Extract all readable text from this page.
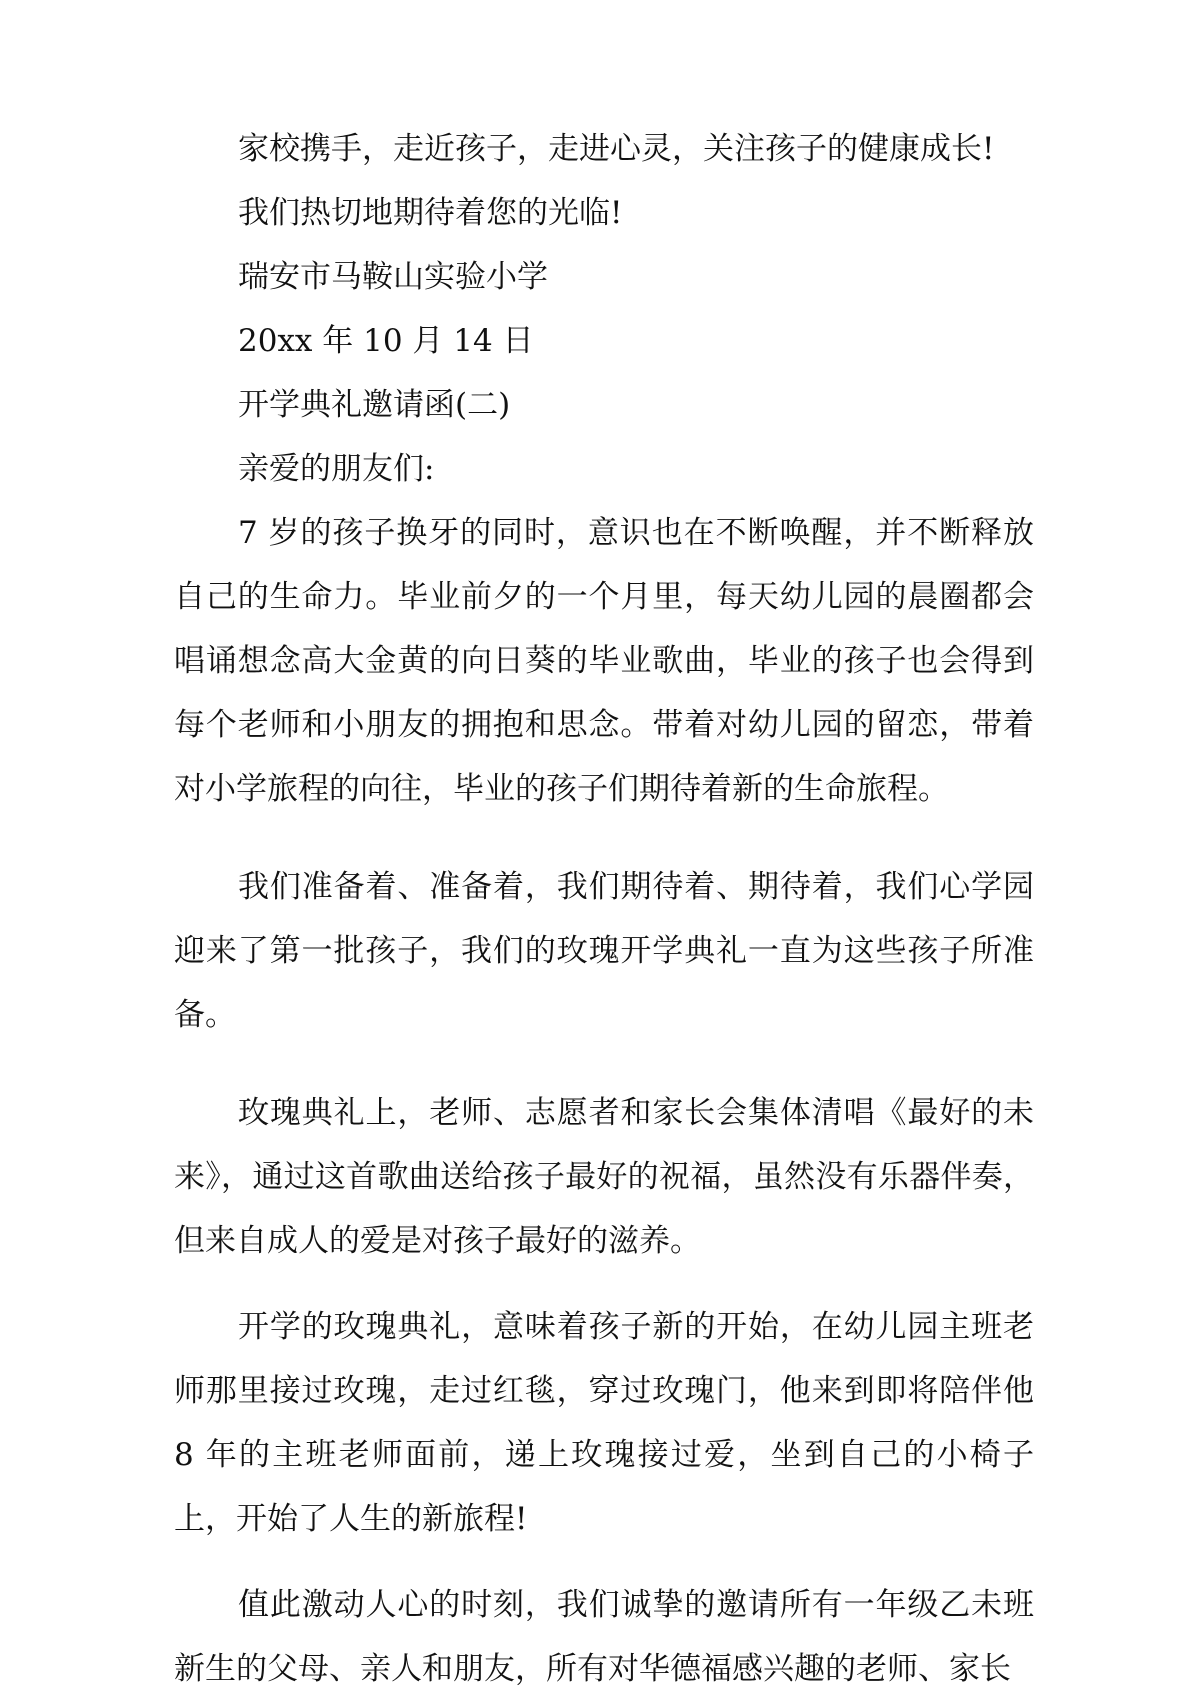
家校携手，走近孩子，走进心灵，关注孩子的健康成长!

我们热切地期待着您的光临!

瑞安市马鞍山实验小学

20xx 年 10 月 14 日

开学典礼邀请函(二)

亲爱的朋友们:

7 岁的孩子换牙的同时，意识也在不断唤醒，并不断释放自己的生命力。毕业前夕的一个月里，每天幼儿园的晨圈都会唱诵想念高大金黄的向日葵的毕业歌曲，毕业的孩子也会得到每个老师和小朋友的拥抱和思念。带着对幼儿园的留恋，带着对小学旅程的向往，毕业的孩子们期待着新的生命旅程。

我们准备着、准备着，我们期待着、期待着，我们心学园迎来了第一批孩子，我们的玫瑰开学典礼一直为这些孩子所准备。

玫瑰典礼上，老师、志愿者和家长会集体清唱《最好的未来》，通过这首歌曲送给孩子最好的祝福，虽然没有乐器伴奏，但来自成人的爱是对孩子最好的滋养。

开学的玫瑰典礼，意味着孩子新的开始，在幼儿园主班老师那里接过玫瑰，走过红毯，穿过玫瑰门，他来到即将陪伴他 8 年的主班老师面前，递上玫瑰接过爱，坐到自己的小椅子上，开始了人生的新旅程!

值此激动人心的时刻，我们诚挚的邀请所有一年级乙未班新生的父母、亲人和朋友，所有对华德福感兴趣的老师、家长
